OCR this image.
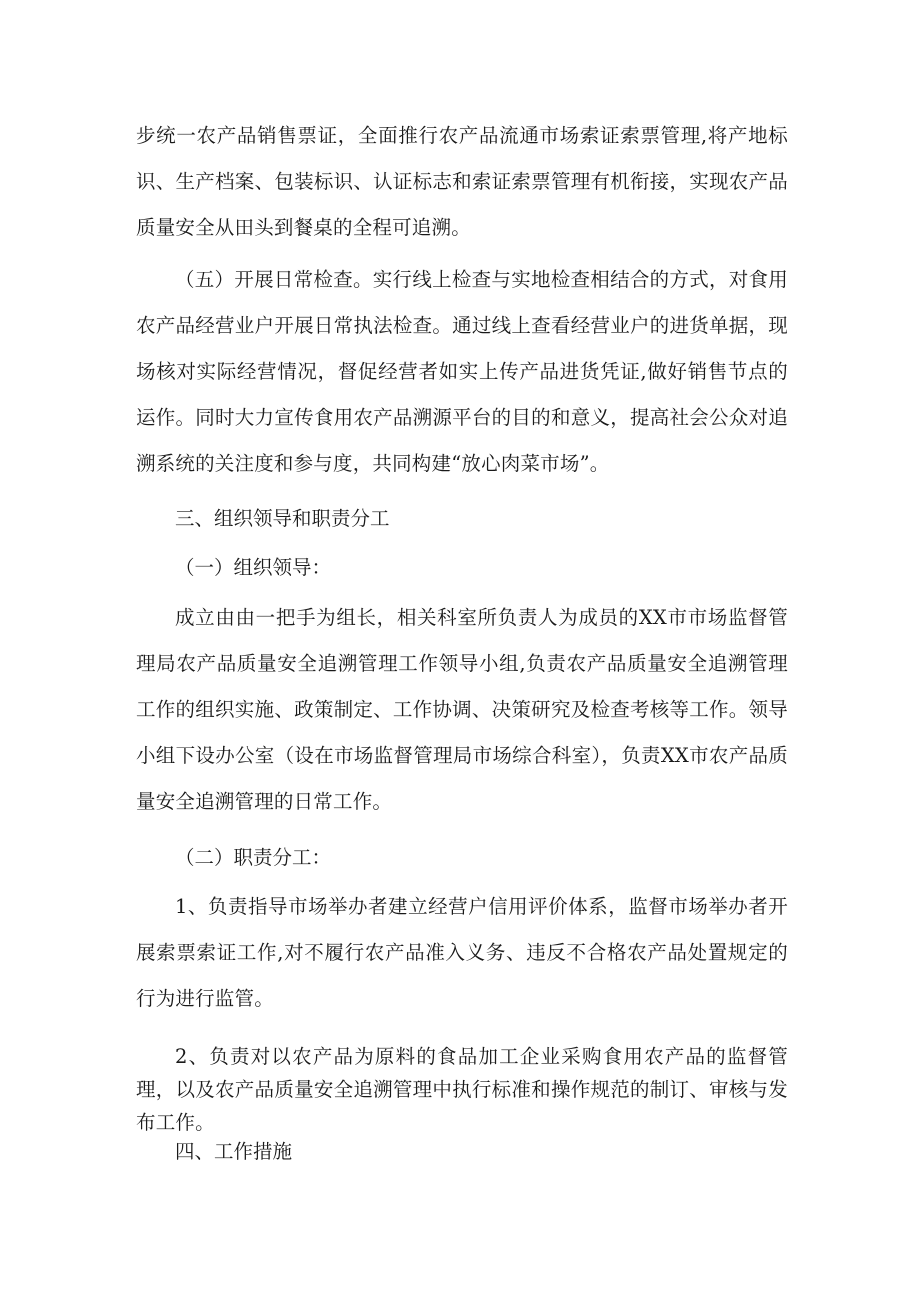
步统一农产品销售票证，全面推行农产品流通市场索证索票管理,将产地标识、生产档案、包装标识、认证标志和索证索票管理有机衔接，实现农产品质量安全从田头到餐桌的全程可追溯。

（五）开展日常检查。实行线上检查与实地检查相结合的方式，对食用农产品经营业户开展日常执法检查。通过线上查看经营业户的进货单据，现场核对实际经营情况，督促经营者如实上传产品进货凭证,做好销售节点的运作。同时大力宣传食用农产品溯源平台的目的和意义，提高社会公众对追溯系统的关注度和参与度，共同构建“放心肉菜市场”。

三、组织领导和职责分工

（一）组织领导：

成立由由一把手为组长，相关科室所负责人为成员的XX市市场监督管理局农产品质量安全追溯管理工作领导小组,负责农产品质量安全追溯管理工作的组织实施、政策制定、工作协调、决策研究及检查考核等工作。领导小组下设办公室（设在市场监督管理局市场综合科室），负责XX市农产品质量安全追溯管理的日常工作。

（二）职责分工：

1、负责指导市场举办者建立经营户信用评价体系，监督市场举办者开展索票索证工作,对不履行农产品准入义务、违反不合格农产品处置规定的行为进行监管。

2、负责对以农产品为原料的食品加工企业采购食用农产品的监督管理，以及农产品质量安全追溯管理中执行标准和操作规范的制订、审核与发布工作。

四、工作措施
